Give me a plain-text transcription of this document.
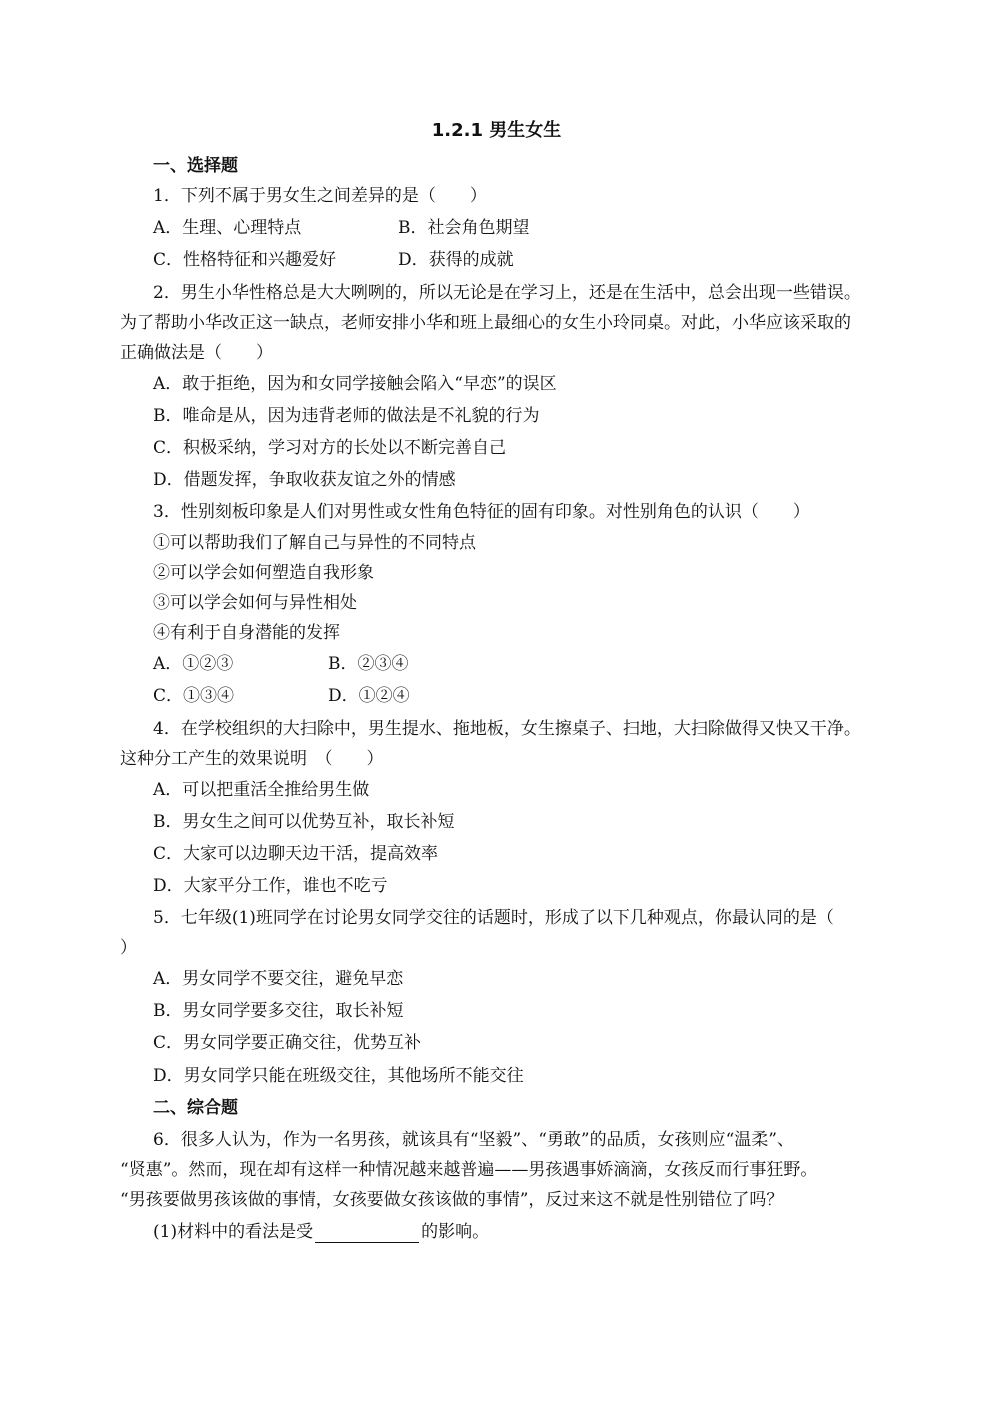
1.2.1 男生女生
一、选择题
1．下列不属于男女生之间差异的是（　　）
A．生理、心理特点	B．社会角色期望
C．性格特征和兴趣爱好	D．获得的成就
2．男生小华性格总是大大咧咧的，所以无论是在学习上，还是在生活中，总会出现一些错误。
为了帮助小华改正这一缺点，老师安排小华和班上最细心的女生小玲同桌。对此，小华应该采取的
正确做法是（　　）
A．敢于拒绝，因为和女同学接触会陷入“早恋”的误区
B．唯命是从，因为违背老师的做法是不礼貌的行为
C．积极采纳，学习对方的长处以不断完善自己
D．借题发挥，争取收获友谊之外的情感
3．性别刻板印象是人们对男性或女性角色特征的固有印象。对性别角色的认识（　　）
①可以帮助我们了解自己与异性的不同特点
②可以学会如何塑造自我形象
③可以学会如何与异性相处
④有利于自身潜能的发挥
A．①②③	B．②③④
C．①③④	D．①②④
4．在学校组织的大扫除中，男生提水、拖地板，女生擦桌子、扫地，大扫除做得又快又干净。
这种分工产生的效果说明　（　　）
A．可以把重活全推给男生做
B．男女生之间可以优势互补，取长补短
C．大家可以边聊天边干活，提高效率
D．大家平分工作，谁也不吃亏
5．七年级(1)班同学在讨论男女同学交往的话题时，形成了以下几种观点，你最认同的是（
）
A．男女同学不要交往，避免早恋
B．男女同学要多交往，取长补短
C．男女同学要正确交往，优势互补
D．男女同学只能在班级交往，其他场所不能交往
二、综合题
6．很多人认为，作为一名男孩，就该具有“坚毅”、“勇敢”的品质，女孩则应“温柔”、
“贤惠”。然而，现在却有这样一种情况越来越普遍——男孩遇事娇滴滴，女孩反而行事狂野。
“男孩要做男孩该做的事情，女孩要做女孩该做的事情”，反过来这不就是性别错位了吗？
(1)材料中的看法是受	的影响。
